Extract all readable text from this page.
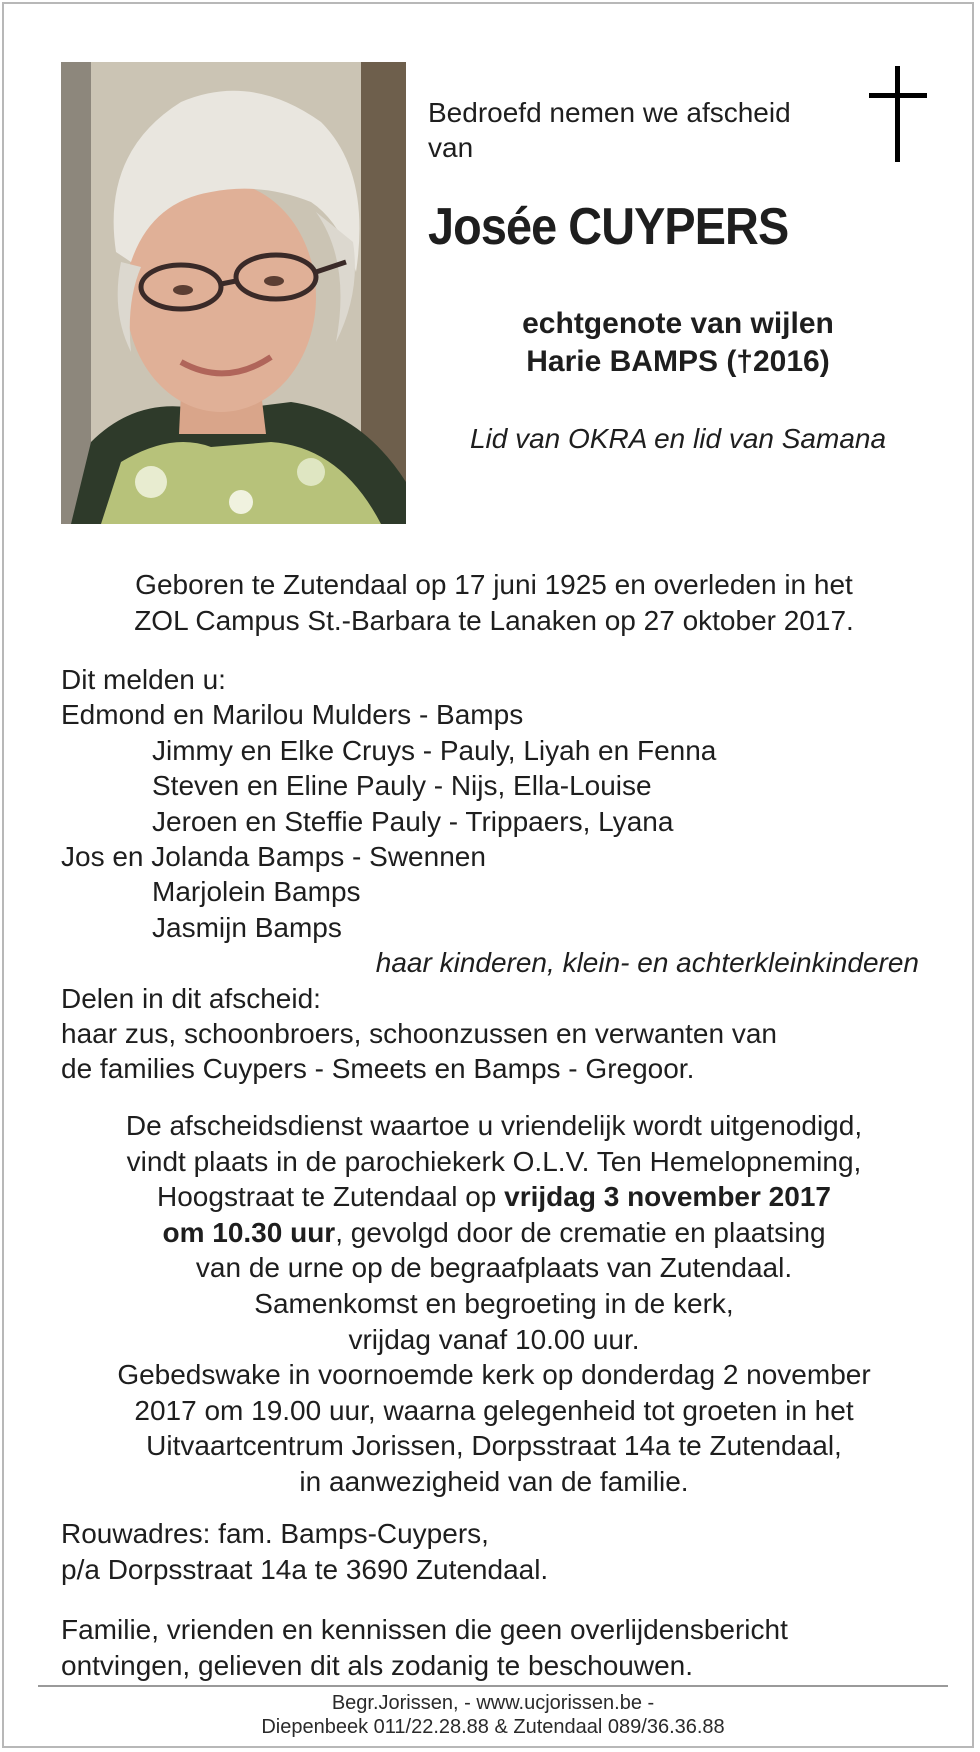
Bedroefd nemen we afscheid
van
Josée CUYPERS
echtgenote van wijlen
Harie BAMPS (†2016)
Lid van OKRA en lid van Samana
Geboren te Zutendaal op 17 juni 1925 en overleden in het
ZOL Campus St.-Barbara te Lanaken op 27 oktober 2017.
Dit melden u:
Edmond en Marilou Mulders - Bamps
Jimmy en Elke Cruys - Pauly, Liyah en Fenna
Steven en Eline Pauly - Nijs, Ella-Louise
Jeroen en Steffie Pauly - Trippaers, Lyana
Jos en Jolanda Bamps - Swennen
Marjolein Bamps
Jasmijn Bamps
haar kinderen, klein- en achterkleinkinderen
Delen in dit afscheid:
haar zus, schoonbroers, schoonzussen en verwanten van
de families Cuypers - Smeets en Bamps - Gregoor.
De afscheidsdienst waartoe u vriendelijk wordt uitgenodigd,
vindt plaats in de parochiekerk O.L.V. Ten Hemelopneming,
Hoogstraat te Zutendaal op vrijdag 3 november 2017
om 10.30 uur, gevolgd door de crematie en plaatsing
van de urne op de begraafplaats van Zutendaal.
Samenkomst en begroeting in de kerk,
vrijdag vanaf 10.00 uur.
Gebedswake in voornoemde kerk op donderdag 2 november
2017 om 19.00 uur, waarna gelegenheid tot groeten in het
Uitvaartcentrum Jorissen, Dorpsstraat 14a te Zutendaal,
in aanwezigheid van de familie.
Rouwadres: fam. Bamps-Cuypers,
p/a Dorpsstraat 14a te 3690 Zutendaal.
Familie, vrienden en kennissen die geen overlijdensbericht
ontvingen, gelieven dit als zodanig te beschouwen.
Begr.Jorissen, - www.ucjorissen.be -
Diepenbeek 011/22.28.88 & Zutendaal 089/36.36.88
